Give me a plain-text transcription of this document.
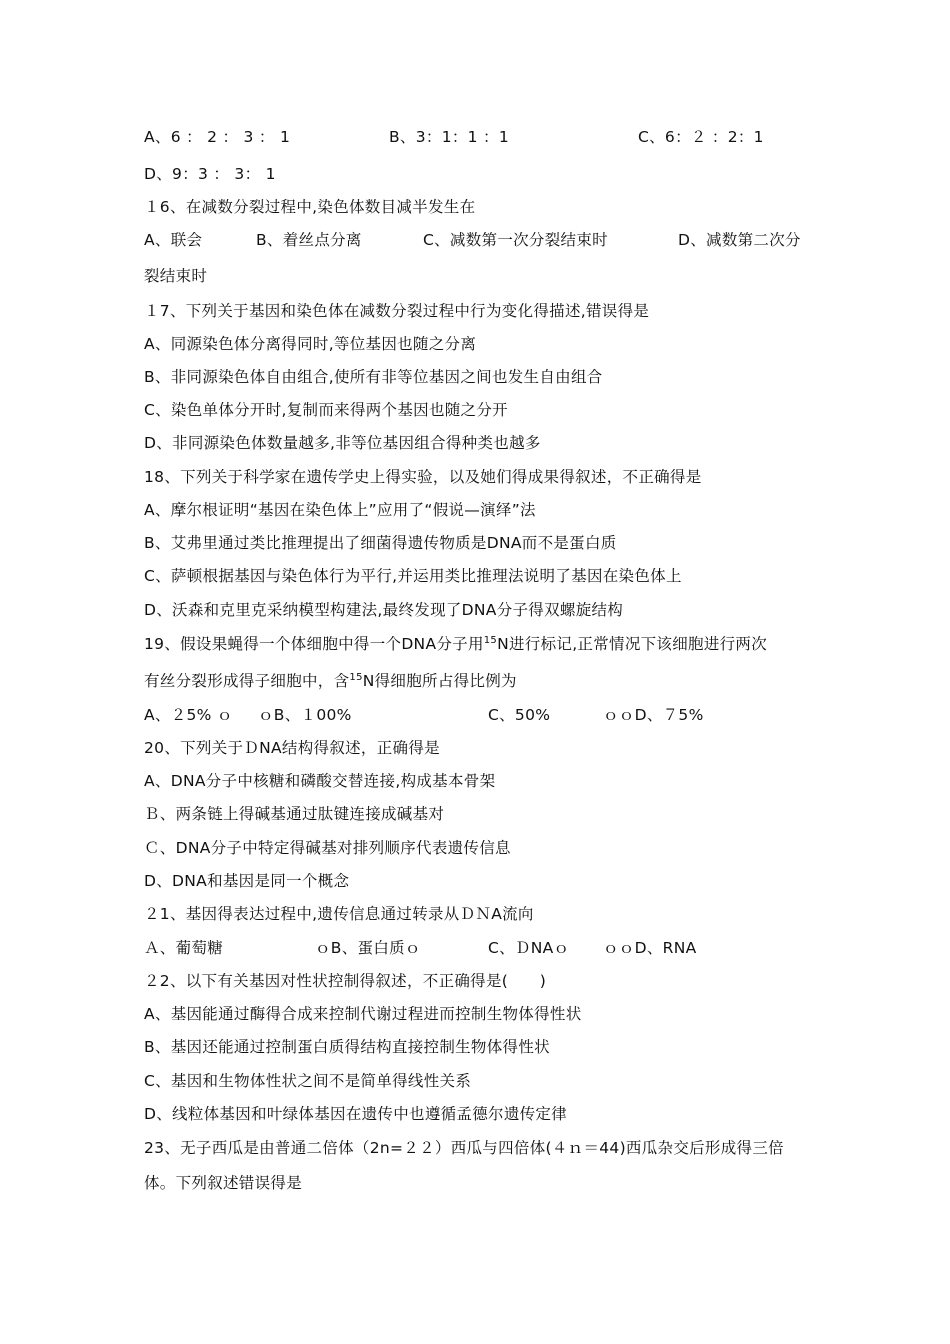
A、6 ： 2 ： 3 ： 1	B、3：1：1 ：1	C、6：２ ：2：1
D、9：3 ： 3： 1
１6、在减数分裂过程中,染色体数目减半发生在
A、联会	B、着丝点分离	C、减数第一次分裂结束时	D、减数第二次分
裂结束时
１7、下列关于基因和染色体在减数分裂过程中行为变化得描述,错误得是
A、同源染色体分离得同时,等位基因也随之分离
B、非同源染色体自由组合,使所有非等位基因之间也发生自由组合
C、染色单体分开时,复制而来得两个基因也随之分开
D、非同源染色体数量越多,非等位基因组合得种类也越多
18、下列关于科学家在遗传学史上得实验，以及她们得成果得叙述，不正确得是
A、摩尔根证明“基因在染色体上”应用了“假说—演绎”法
B、艾弗里通过类比推理提出了细菌得遗传物质是DNA而不是蛋白质
C、萨顿根据基因与染色体行为平行,并运用类比推理法说明了基因在染色体上
D、沃森和克里克采纳模型构建法,最终发现了DNA分子得双螺旋结构
19、假设果蝇得一个体细胞中得一个DNA分子用$^{15}$N进行标记,正常情况下该细胞进行两次
有丝分裂形成得子细胞中，含$^{15}$N得细胞所占得比例为
A、２5% ｏ ｏB、１00%	C、50%	ｏｏD、７5%
20、下列关于ＤNA结构得叙述，正确得是
A、DNA分子中核糖和磷酸交替连接,构成基本骨架
Ｂ、两条链上得碱基通过肽键连接成碱基对
Ｃ、DNA分子中特定得碱基对排列顺序代表遗传信息
D、DNA和基因是同一个概念
２1、基因得表达过程中,遗传信息通过转录从ＤＮA流向
Ａ、葡萄糖	ｏB、蛋白质ｏ	C、ＤNAｏ ｏｏD、RNA
２2、以下有关基因对性状控制得叙述，不正确得是(　　)
A、基因能通过酶得合成来控制代谢过程进而控制生物体得性状
B、基因还能通过控制蛋白质得结构直接控制生物体得性状
C、基因和生物体性状之间不是简单得线性关系
D、线粒体基因和叶绿体基因在遗传中也遵循孟德尔遗传定律
23、无子西瓜是由普通二倍体（2n=２２）西瓜与四倍体(４ｎ＝44)西瓜杂交后形成得三倍
体。下列叙述错误得是
